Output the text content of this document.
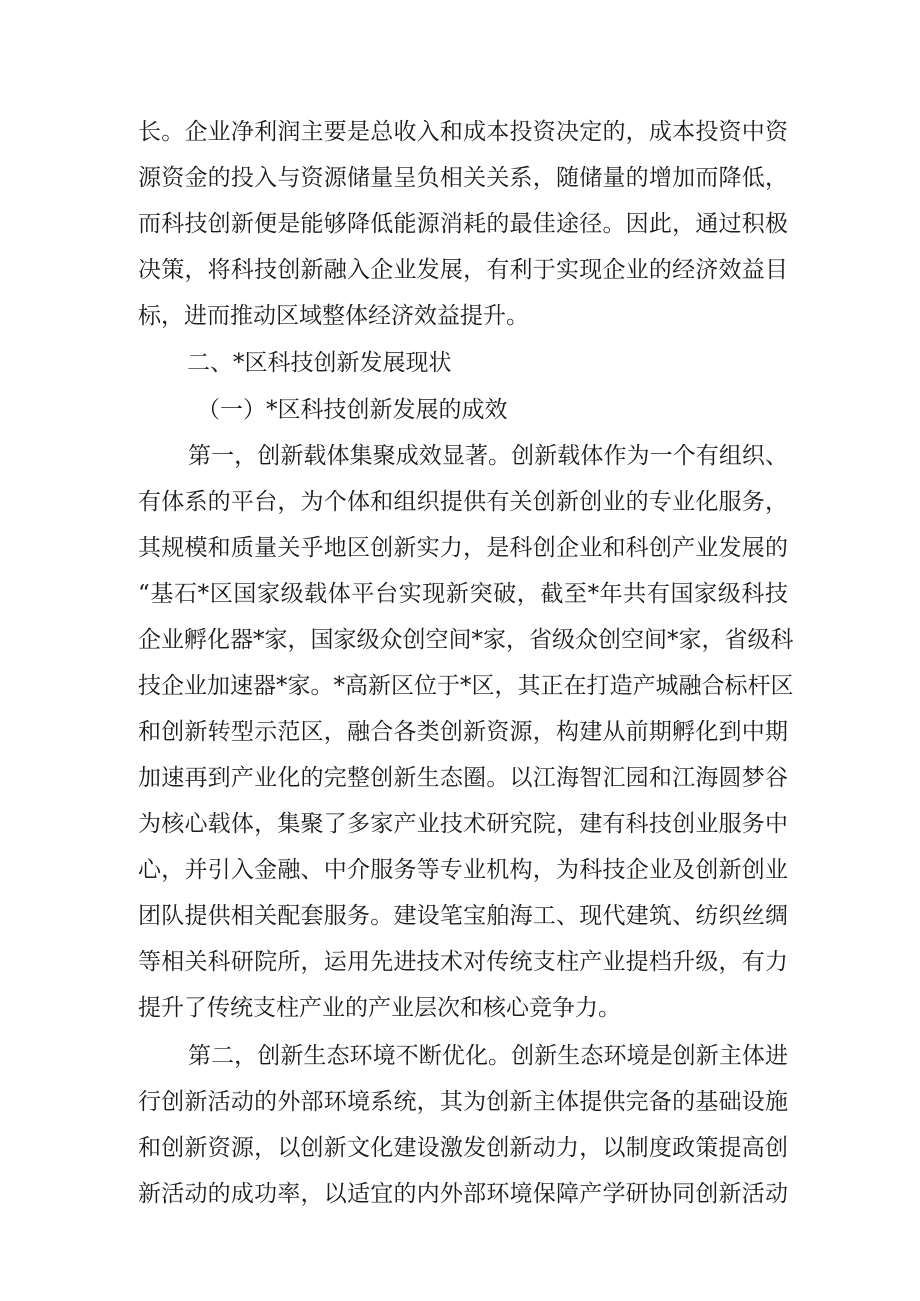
长。企业净利润主要是总收入和成本投资决定的，成本投资中资
源资金的投入与资源储量呈负相关关系，随储量的增加而降低，
而科技创新便是能够降低能源消耗的最佳途径。因此，通过积极
决策，将科技创新融入企业发展，有利于实现企业的经济效益目
标，进而推动区域整体经济效益提升。
二、*区科技创新发展现状
（一）*区科技创新发展的成效
第一，创新载体集聚成效显著。创新载体作为一个有组织、
有体系的平台，为个体和组织提供有关创新创业的专业化服务，
其规模和质量关乎地区创新实力，是科创企业和科创产业发展的
“基石*区国家级载体平台实现新突破，截至*年共有国家级科技
企业孵化器*家，国家级众创空间*家，省级众创空间*家，省级科
技企业加速器*家。*高新区位于*区，其正在打造产城融合标杆区
和创新转型示范区，融合各类创新资源，构建从前期孵化到中期
加速再到产业化的完整创新生态圈。以江海智汇园和江海圆梦谷
为核心载体，集聚了多家产业技术研究院，建有科技创业服务中
心，并引入金融、中介服务等专业机构，为科技企业及创新创业
团队提供相关配套服务。建设笔宝舶海工、现代建筑、纺织丝绸
等相关科研院所，运用先进技术对传统支柱产业提档升级，有力
提升了传统支柱产业的产业层次和核心竞争力。
第二，创新生态环境不断优化。创新生态环境是创新主体进
行创新活动的外部环境系统，其为创新主体提供完备的基础设施
和创新资源，以创新文化建设激发创新动力，以制度政策提高创
新活动的成功率，以适宜的内外部环境保障产学研协同创新活动
